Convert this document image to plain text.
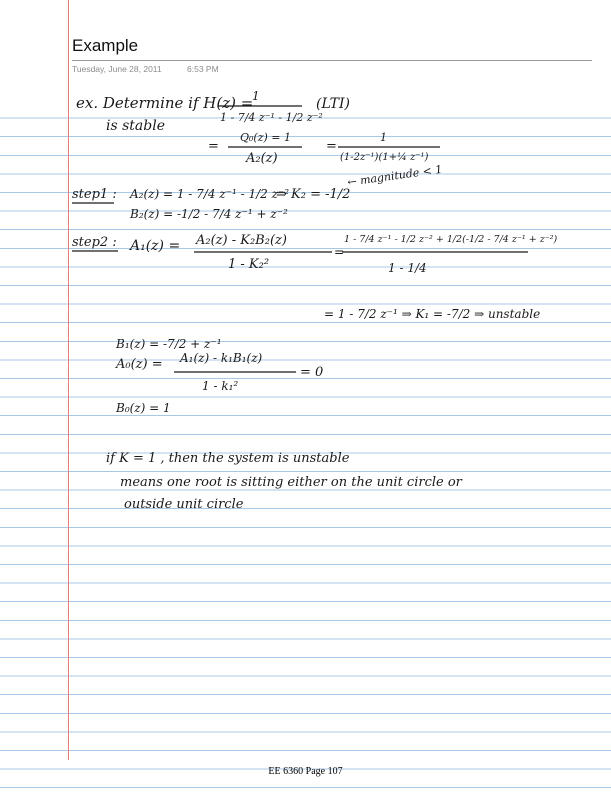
Example
Tuesday, June 28, 2011	6:53 PM
ex. Determine if H(z) =
1
1 - 7/4 z⁻¹ - 1/2 z⁻²
(LTI)
is stable
=
Q₀(z) = 1
A₂(z)
=
1
(1-2z⁻¹)(1+¼ z⁻¹)
step1 : A₂(z) = 1 - 7/4 z⁻¹ - 1/2 z⁻²
⇒ K₂ = -1/2
← magnitude < 1
B₂(z) = -1/2 - 7/4 z⁻¹ + z⁻²
step2 : A₁(z) = A₂(z) - K₂B₂(z)
1 - K₂²
=
1 - 7/4 z⁻¹ - 1/2 z⁻² + 1/2(-1/2 - 7/4 z⁻¹ + z⁻²)
1 - 1/4
= 1 - 7/2 z⁻¹ ⇒ K₁ = -7/2 ⇒ unstable
B₁(z) = -7/2 + z⁻¹
A₀(z) = A₁(z) - k₁B₁(z)
1 - k₁²
= 0
B₀(z) = 1
if K = 1 , then the system is unstable
means one root is sitting either on the unit circle or
outside unit circle
EE 6360 Page 107
